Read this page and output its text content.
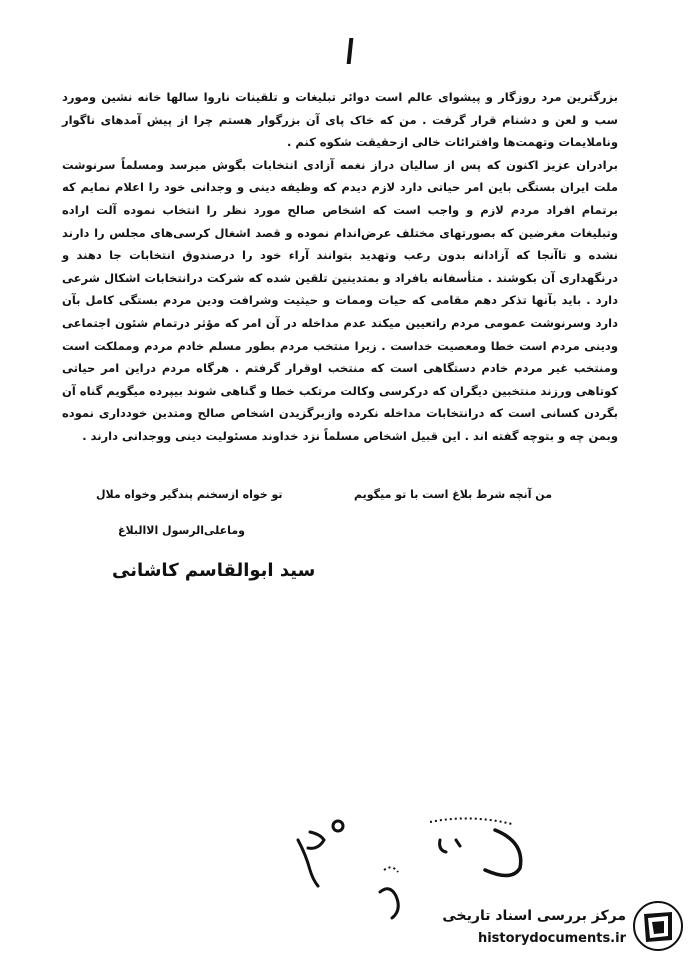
بزرگترین مرد روزگار و پیشوای عالم است دوائر تبلیغات و تلقینات ناروا سالها خانه نشین ومورد سب و لعن و دشنام قرار گرفت . من که خاک پای آن بزرگوار هستم چرا از پیش آمدهای ناگوار وناملایمات وتهمت‌ها وافترائات خالی ازحقیقت شکوه کنم .

برادران عزیز اکنون که پس از سالیان دراز نغمه آزادی انتخابات بگوش میرسد ومسلماً سرنوشت ملت ایران بستگی باین امر حیاتی دارد لازم دیدم که وظیفه دینی و وجدانی خود را اعلام نمایم که برتمام افراد مردم لازم و واجب است که اشخاص صالح مورد نظر را انتخاب نموده آلت اراده وتبلیغات مغرضین که بصورتهای مختلف عرض‌اندام نموده و قصد اشغال کرسی‌های مجلس را دارند نشده و تاآنجا که آزادانه بدون رعب وتهدید بتوانند آراء خود را درصندوق انتخابات جا دهند و درنگهداری آن بکوشند . متأسفانه بافراد و بمتدینین تلقین شده که شرکت درانتخابات اشکال شرعی دارد . باید بآنها تذکر دهم مقامی که حیات وممات و حیثیت وشرافت ودین مردم بستگی کامل بآن دارد وسرنوشت عمومی مردم راتعیین میکند عدم مداخله در آن امر که مؤثر درتمام شئون اجتماعی ودینی مردم است خطا ومعصیت خداست . زیرا منتخب مردم بطور مسلم خادم مردم ومملکت است ومنتخب غیر مردم خادم دستگاهی است که منتخب اوقرار گرفتم . هرگاه مردم دراین امر حیاتی کوتاهی ورزند منتخبین دیگران که درکرسی وکالت مرتکب خطا و گناهی شوند بیپرده میگویم گناه آن بگردن کسانی است که درانتخابات مداخله نکرده وازبرگزیدن اشخاص صالح ومتدین خودداری نموده وبمن چه و بتوچه گفته اند . این قبیل اشخاص مسلماً نزد خداوند مسئولیت دینی ووجدانی دارند .

من آنچه شرط بلاغ است با تو میگویم
تو خواه ازسخنم پندگیر وخواه ملال
وماعلی‌الرسول الاالبلاغ
سید ابوالقاسم کاشانی
۱۲۰
مرکز بررسی اسناد تاریخی
historydocuments.ir
